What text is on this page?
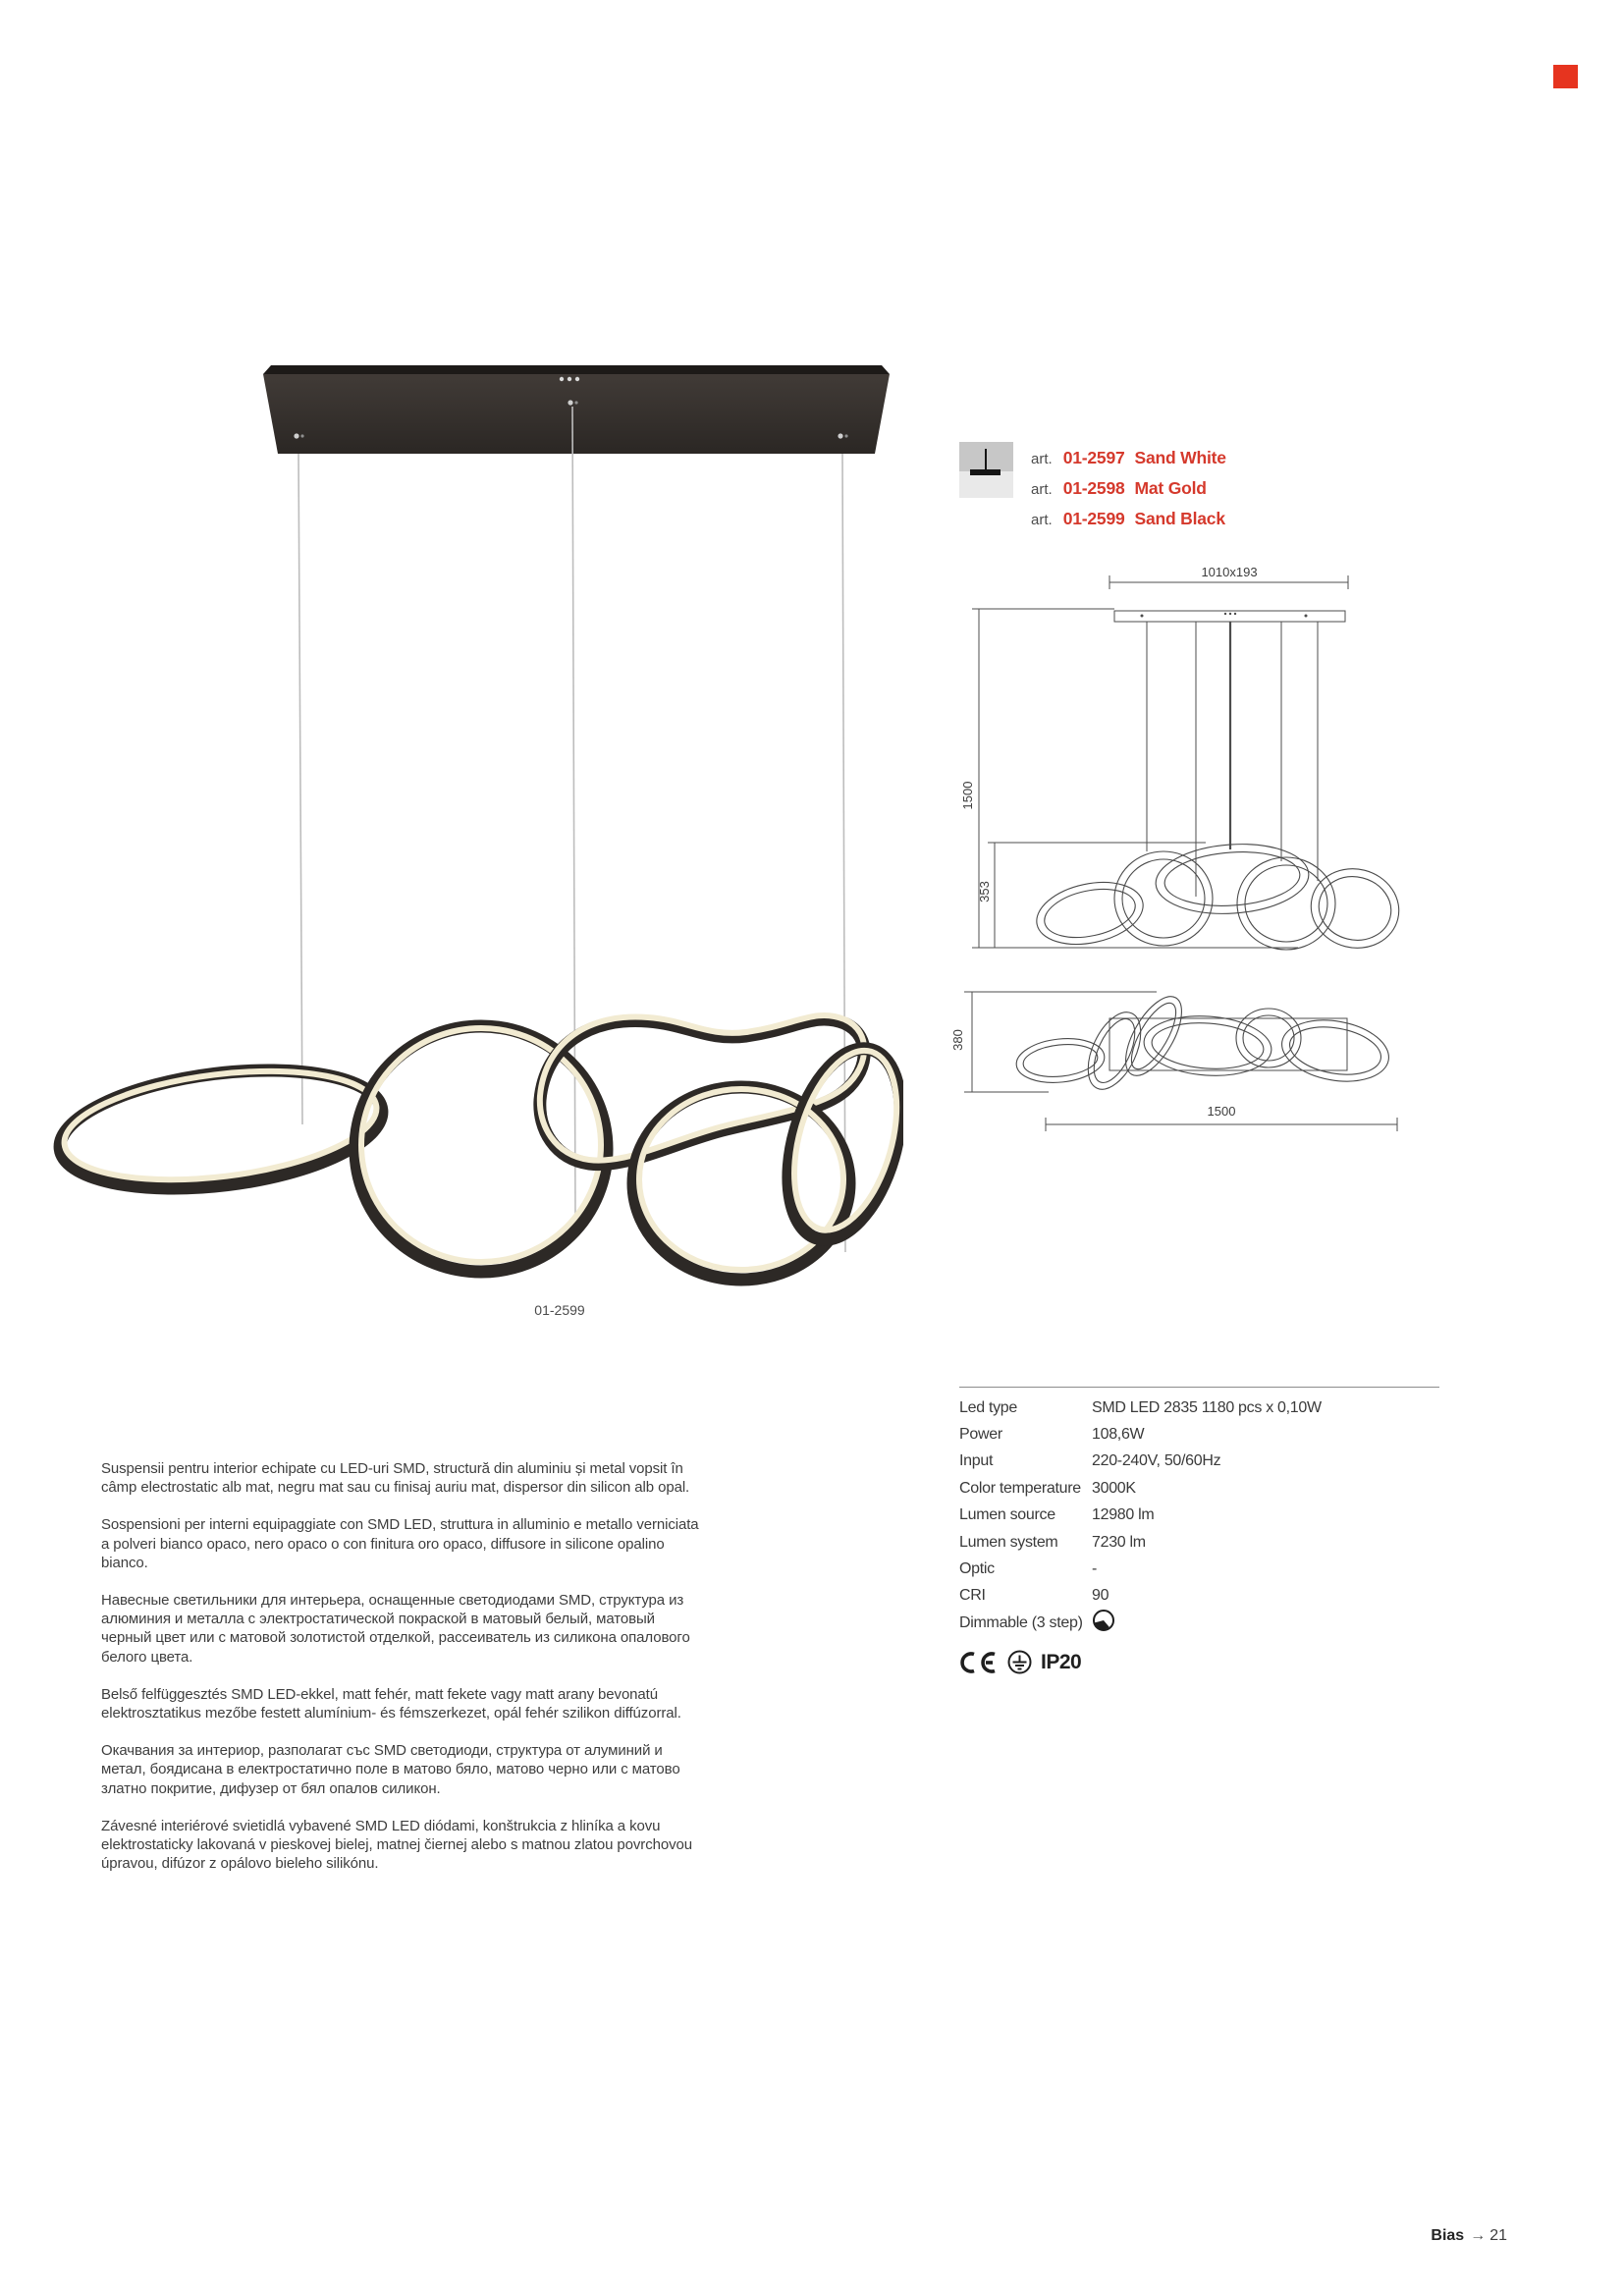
01-2599
art. 01-2597 Sand White
art. 01-2598 Mat Gold
art. 01-2599 Sand Black
1010x193
1500
353
380
1500
Led type	SMD LED 2835 1180 pcs x 0,10W
Power	108,6W
Input	220-240V, 50/60Hz
Color temperature 3000K
Lumen source	12980 lm
Lumen system	7230 lm
Optic	-
CRI	90
Dimmable (3 step)
IP20

Suspensii pentru interior echipate cu LED-uri SMD, structură din aluminiu și metal vopsit în câmp electrostatic alb mat, negru mat sau cu finisaj auriu mat, dispersor din silicon alb opal.

Sospensioni per interni equipaggiate con SMD LED, struttura in alluminio e metallo verniciata a polveri bianco opaco, nero opaco o con finitura oro opaco, diffusore in silicone opalino bianco.

Навесные светильники для интерьера, оснащенные светодиодами SMD, структура из алюминия и металла с электростатической покраской в матовый белый, матовый черный цвет или с матовой золотистой отделкой, рассеиватель из силикона опалового белого цвета.

Belső felfüggesztés SMD LED-ekkel, matt fehér, matt fekete vagy matt arany bevonatú elektrosztatikus mezőbe festett alumínium- és fémszerkezet, opál fehér szilikon diffúzorral.

Окачвания за интериор, разполагат със SMD светодиоди, структура от алуминий и метал, боядисана в електростатично поле в матово бяло, матово черно или с матово златно покритие, дифузер от бял опалов силикон.

Závesné interiérové svietidlá vybavené SMD LED diódami, konštrukcia z hliníka a kovu elektrostaticky lakovaná v pieskovej bielej, matnej čiernej alebo s matnou zlatou povrchovou úpravou, difúzor z opálovo bieleho silikónu.

Bias → 21
